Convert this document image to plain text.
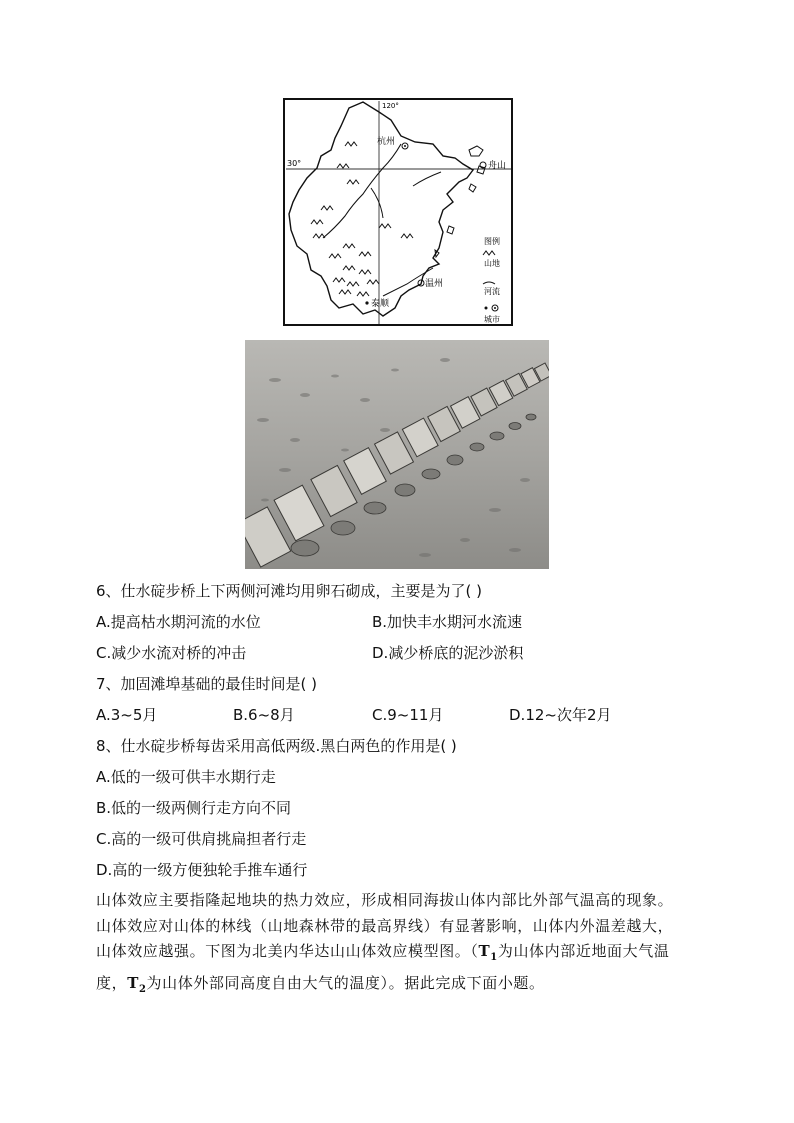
120°
30°
杭州
舟山
温州
泰顺
图例
山地
河流
城市
6、仕水碇步桥上下两侧河滩均用卵石砌成，主要是为了( )
A.提高枯水期河流的水位	B.加快丰水期河水流速
C.减少水流对桥的冲击	D.减少桥底的泥沙淤积
7、加固滩埠基础的最佳时间是( )
A.3~5月	B.6~8月	C.9~11月	D.12~次年2月
8、仕水碇步桥每齿采用高低两级.黑白两色的作用是( )
A.低的一级可供丰水期行走
B.低的一级两侧行走方向不同
C.高的一级可供肩挑扁担者行走
D.高的一级方便独轮手推车通行
山体效应主要指隆起地块的热力效应，形成相同海拔山体内部比外部气温高的现象。
山体效应对山体的林线（山地森林带的最高界线）有显著影响，山体内外温差越大，
山体效应越强。下图为北美内华达山山体效应模型图。（$T_1$为山体内部近地面大气温
度，$T_2$为山体外部同高度自由大气的温度）。据此完成下面小题。
